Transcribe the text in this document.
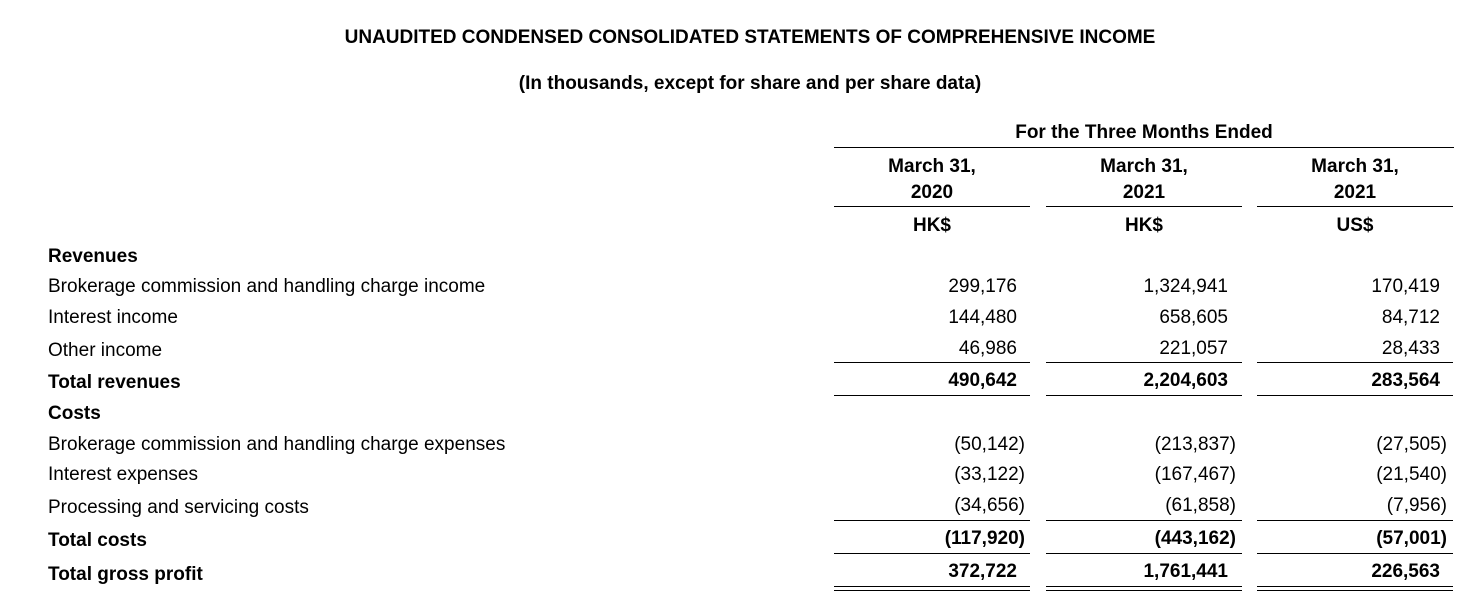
UNAUDITED CONDENSED CONSOLIDATED STATEMENTS OF COMPREHENSIVE INCOME
(In thousands, except for share and per share data)
For the Three Months Ended
March 31,
2020
HK$
March 31,
2021
HK$
March 31,
2021
US$
Revenues
Brokerage commission and handling charge income	299,176	1,324,941	170,419
Interest income	144,480	658,605	84,712
Other income	46,986	221,057	28,433
Total revenues	490,642	2,204,603	283,564
Costs
Brokerage commission and handling charge expenses	(50,142)	(213,837)	(27,505)
Interest expenses	(33,122)	(167,467)	(21,540)
Processing and servicing costs	(34,656)	(61,858)	(7,956)
Total costs	(117,920)	(443,162)	(57,001)
Total gross profit	372,722	1,761,441	226,563
